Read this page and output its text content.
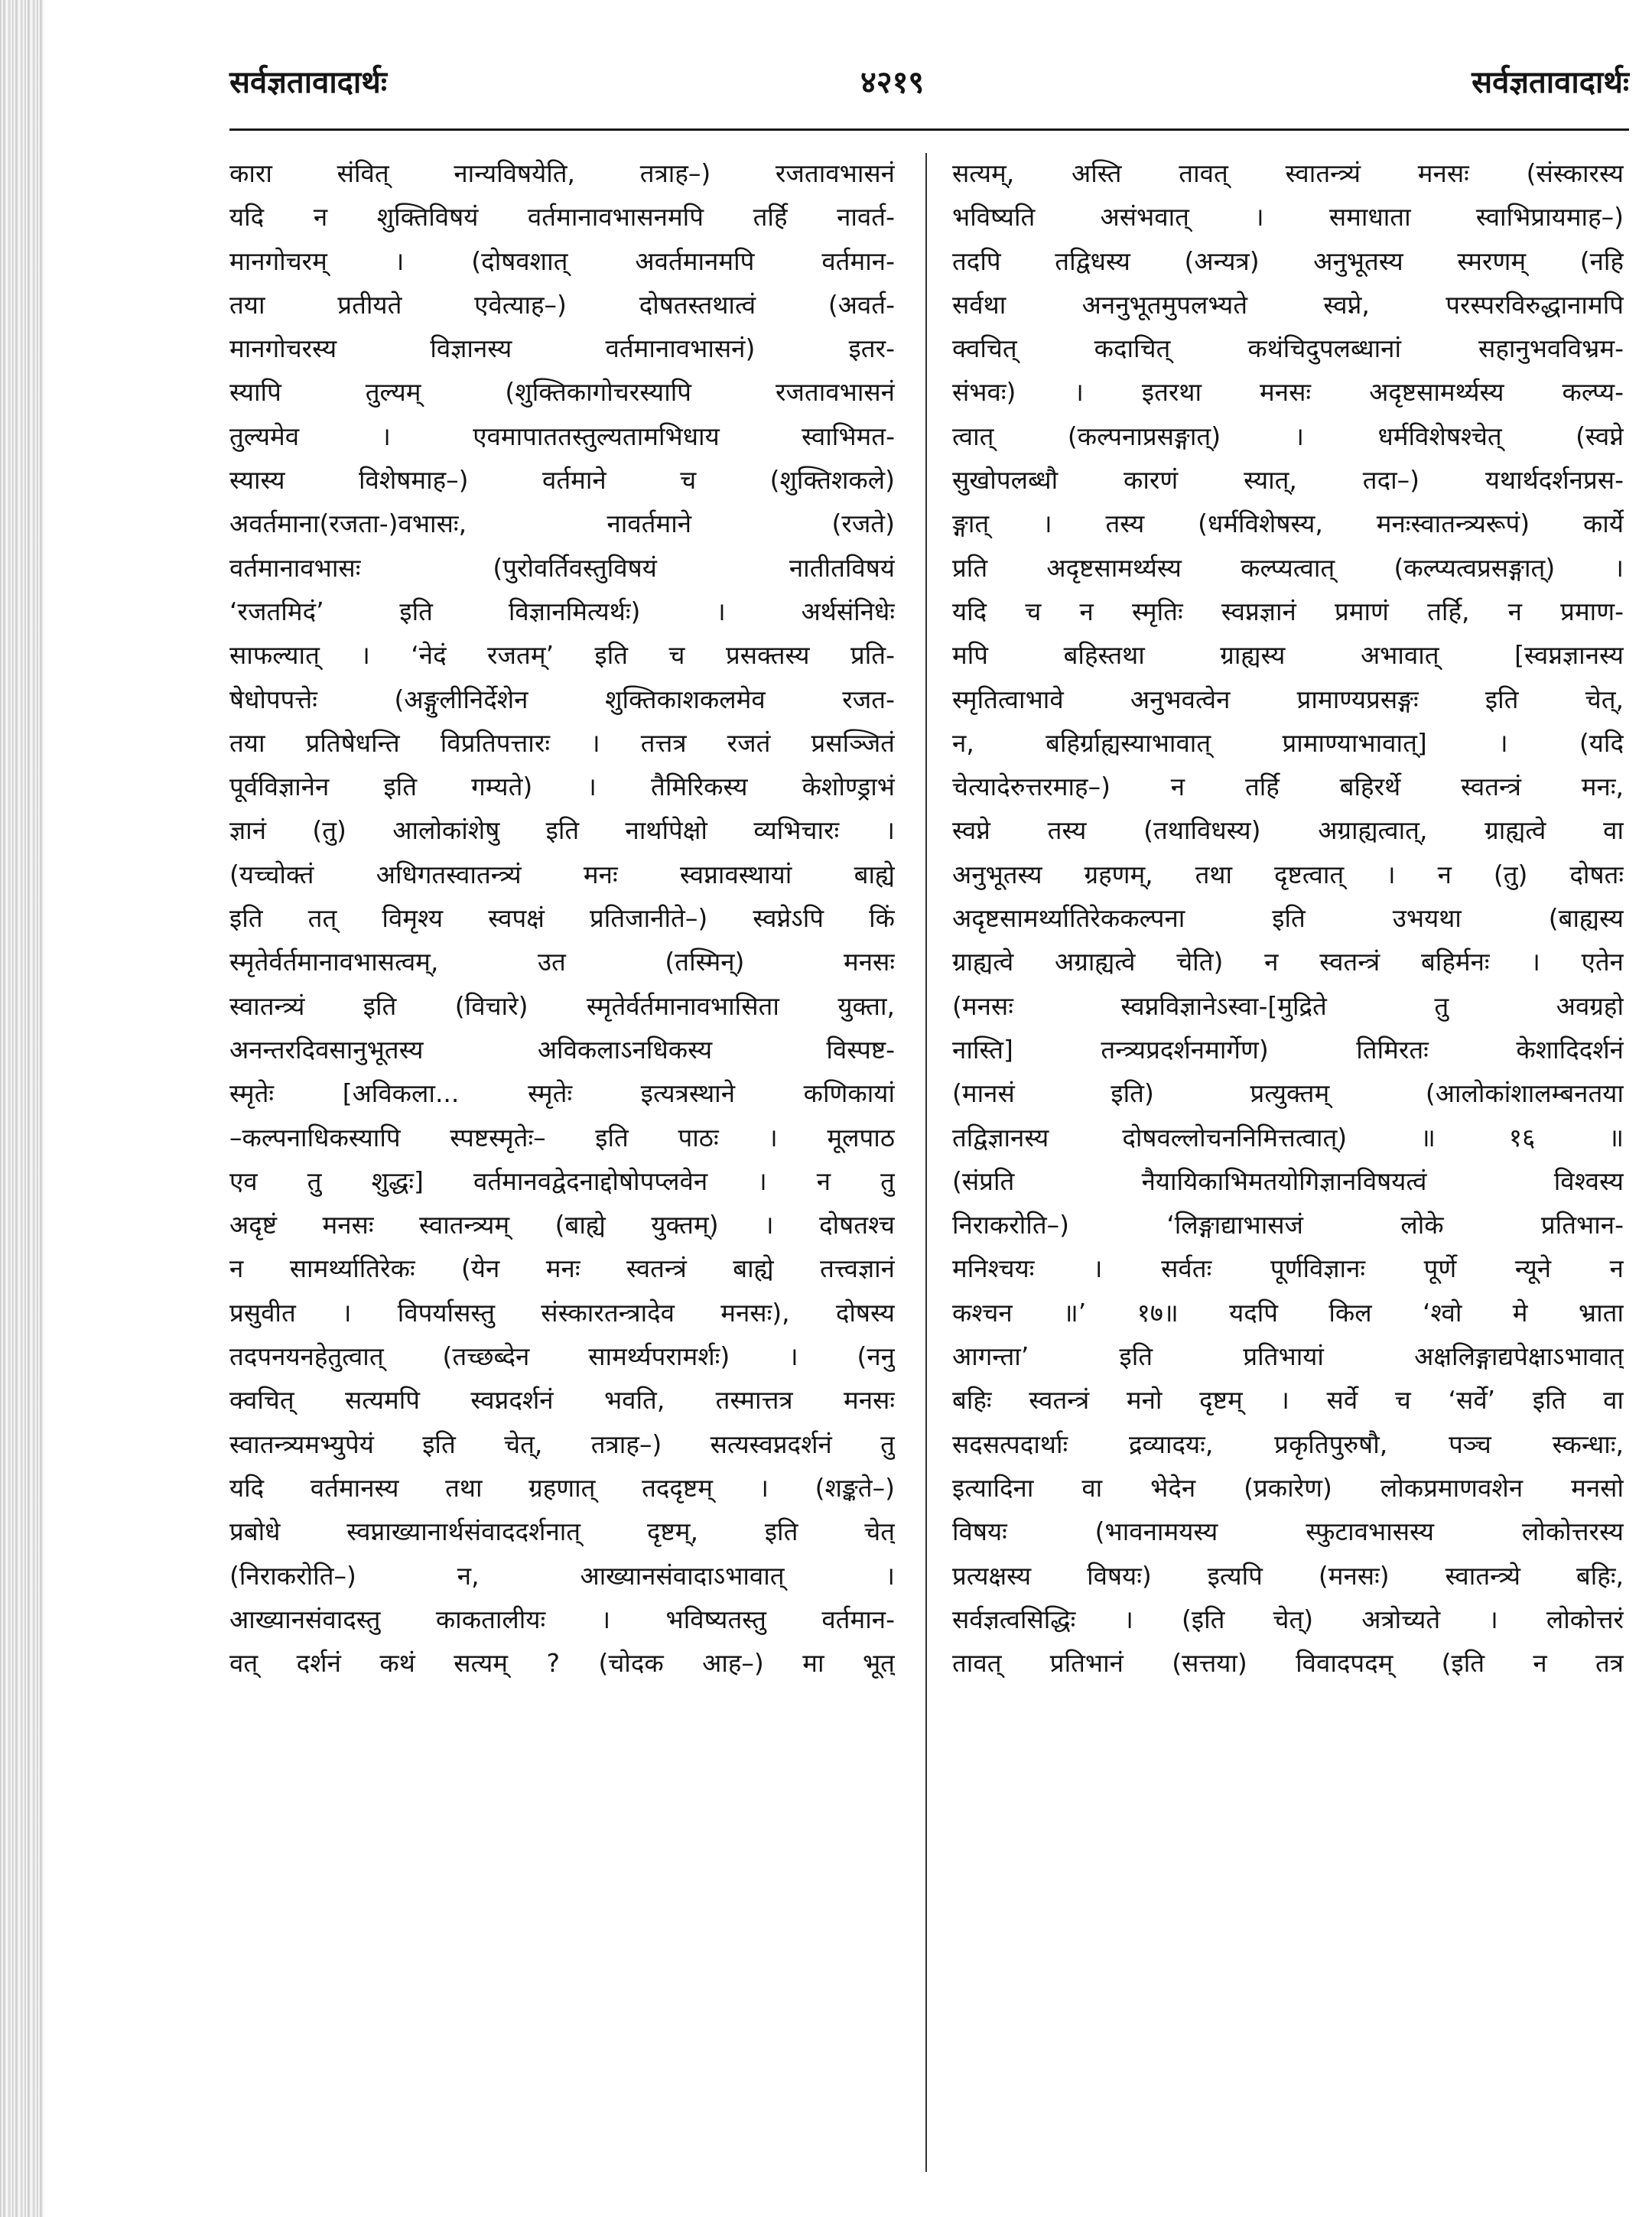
सर्वज्ञतावादार्थः	४२१९	सर्वज्ञतावादार्थः
कारा संवित् नान्यविषयेति, तत्राह–) रजतावभासनं
यदि न शुक्तिविषयं वर्तमानावभासनमपि तर्हि नावर्त-
मानगोचरम् । (दोषवशात् अवर्तमानमपि वर्तमान-
तया प्रतीयते एवेत्याह–) दोषतस्तथात्वं (अवर्त-
मानगोचरस्य विज्ञानस्य वर्तमानावभासनं) इतर-
स्यापि तुल्यम् (शुक्तिकागोचरस्यापि रजतावभासनं
तुल्यमेव । एवमापाततस्तुल्यतामभिधाय स्वाभिमत-
स्यास्य विशेषमाह–) वर्तमाने च (शुक्तिशकले)
अवर्तमाना(रजता-)वभासः, नावर्तमाने (रजते)
वर्तमानावभासः (पुरोवर्तिवस्तुविषयं नातीतविषयं
‘रजतमिदं’ इति विज्ञानमित्यर्थः) । अर्थसंनिधेः
साफल्यात् । ‘नेदं रजतम्’ इति च प्रसक्तस्य प्रति-
षेधोपपत्तेः (अङ्गुलीनिर्देशेन शुक्तिकाशकलमेव रजत-
तया प्रतिषेधन्ति विप्रतिपत्तारः । तत्तत्र रजतं प्रसञ्जितं
पूर्वविज्ञानेन इति गम्यते) । तैमिरिकस्य केशोण्ड्राभं
ज्ञानं (तु) आलोकांशेषु इति नार्थापेक्षो व्यभिचारः ।
(यच्चोक्तं अधिगतस्वातन्त्र्यं मनः स्वप्नावस्थायां बाह्ये
इति तत् विमृश्य स्वपक्षं प्रतिजानीते–) स्वप्नेऽपि किं
स्मृतेर्वर्तमानावभासत्वम्, उत (तस्मिन्) मनसः
स्वातन्त्र्यं इति (विचारे) स्मृतेर्वर्तमानावभासिता युक्ता,
अनन्तरदिवसानुभूतस्य अविकलाऽनधिकस्य विस्पष्ट-
स्मृतेः [अविकला... स्मृतेः इत्यत्रस्थाने कणिकायां
–कल्पनाधिकस्यापि स्पष्टस्मृतेः– इति पाठः । मूलपाठ
एव तु शुद्धः] वर्तमानवद्वेदनाद्दोषोपप्लवेन । न तु
अदृष्टं मनसः स्वातन्त्र्यम् (बाह्ये युक्तम्) । दोषतश्च
न सामर्थ्यातिरेकः (येन मनः स्वतन्त्रं बाह्ये तत्त्वज्ञानं
प्रसुवीत । विपर्यासस्तु संस्कारतन्त्रादेव मनसः), दोषस्य
तदपनयनहेतुत्वात् (तच्छब्देन सामर्थ्यपरामर्शः) । (ननु
क्वचित् सत्यमपि स्वप्नदर्शनं भवति, तस्मात्तत्र मनसः
स्वातन्त्र्यमभ्युपेयं इति चेत्, तत्राह–) सत्यस्वप्नदर्शनं तु
यदि वर्तमानस्य तथा ग्रहणात् तददृष्टम् । (शङ्कते–)
प्रबोधे स्वप्नाख्यानार्थसंवाददर्शनात् दृष्टम्, इति चेत्
(निराकरोति–) न, आख्यानसंवादाऽभावात् ।
आख्यानसंवादस्तु काकतालीयः । भविष्यतस्तु वर्तमान-
वत् दर्शनं कथं सत्यम् ? (चोदक आह–) मा भूत्
सत्यम्, अस्ति तावत् स्वातन्त्र्यं मनसः (संस्कारस्य
भविष्यति असंभवात् । समाधाता स्वाभिप्रायमाह–)
तदपि तद्विधस्य (अन्यत्र) अनुभूतस्य स्मरणम् (नहि
सर्वथा अननुभूतमुपलभ्यते स्वप्ने, परस्परविरुद्धानामपि
क्वचित् कदाचित् कथंचिदुपलब्धानां सहानुभवविभ्रम-
संभवः) । इतरथा मनसः अदृष्टसामर्थ्यस्य कल्प्य-
त्वात् (कल्पनाप्रसङ्गात्) । धर्मविशेषश्चेत् (स्वप्ने
सुखोपलब्धौ कारणं स्यात्, तदा–) यथार्थदर्शनप्रस-
ङ्गात् । तस्य (धर्मविशेषस्य, मनःस्वातन्त्र्यरूपं) कार्ये
प्रति अदृष्टसामर्थ्यस्य कल्प्यत्वात् (कल्प्यत्वप्रसङ्गात्) ।
यदि च न स्मृतिः स्वप्नज्ञानं प्रमाणं तर्हि, न प्रमाण-
मपि बहिस्तथा ग्राह्यस्य अभावात् [स्वप्नज्ञानस्य
स्मृतित्वाभावे अनुभवत्वेन प्रामाण्यप्रसङ्गः इति चेत्,
न, बहिर्ग्राह्यस्याभावात् प्रामाण्याभावात्] । (यदि
चेत्यादेरुत्तरमाह–) न तर्हि बहिरर्थे स्वतन्त्रं मनः,
स्वप्ने तस्य (तथाविधस्य) अग्राह्यत्वात्, ग्राह्यत्वे वा
अनुभूतस्य ग्रहणम्, तथा दृष्टत्वात् । न (तु) दोषतः
अदृष्टसामर्थ्यातिरेककल्पना इति उभयथा (बाह्यस्य
ग्राह्यत्वे अग्राह्यत्वे चेति) न स्वतन्त्रं बहिर्मनः । एतेन
(मनसः स्वप्नविज्ञानेऽस्वा-[मुद्रिते तु अवग्रहो
नास्ति] तन्त्र्यप्रदर्शनमार्गेण) तिमिरतः केशादिदर्शनं
(मानसं इति) प्रत्युक्तम् (आलोकांशालम्बनतया
तद्विज्ञानस्य दोषवल्लोचननिमित्तत्वात्) ॥ १६ ॥
(संप्रति नैयायिकाभिमतयोगिज्ञानविषयत्वं विश्वस्य
निराकरोति–) ‘लिङ्गाद्याभासजं लोके प्रतिभान-
मनिश्चयः । सर्वतः पूर्णविज्ञानः पूर्णे न्यूने न
कश्चन ॥’ १७॥ यदपि किल ‘श्वो मे भ्राता
आगन्ता’ इति प्रतिभायां अक्षलिङ्गाद्यपेक्षाऽभावात्
बहिः स्वतन्त्रं मनो दृष्टम् । सर्वे च ‘सर्वे’ इति वा
सदसत्पदार्थाः द्रव्यादयः, प्रकृतिपुरुषौ, पञ्च स्कन्धाः,
इत्यादिना वा भेदेन (प्रकारेण) लोकप्रमाणवशेन मनसो
विषयः (भावनामयस्य स्फुटावभासस्य लोकोत्तरस्य
प्रत्यक्षस्य विषयः) इत्यपि (मनसः) स्वातन्त्र्ये बहिः,
सर्वज्ञत्वसिद्धिः । (इति चेत्) अत्रोच्यते । लोकोत्तरं
तावत् प्रतिभानं (सत्तया) विवादपदम् (इति न तत्र
